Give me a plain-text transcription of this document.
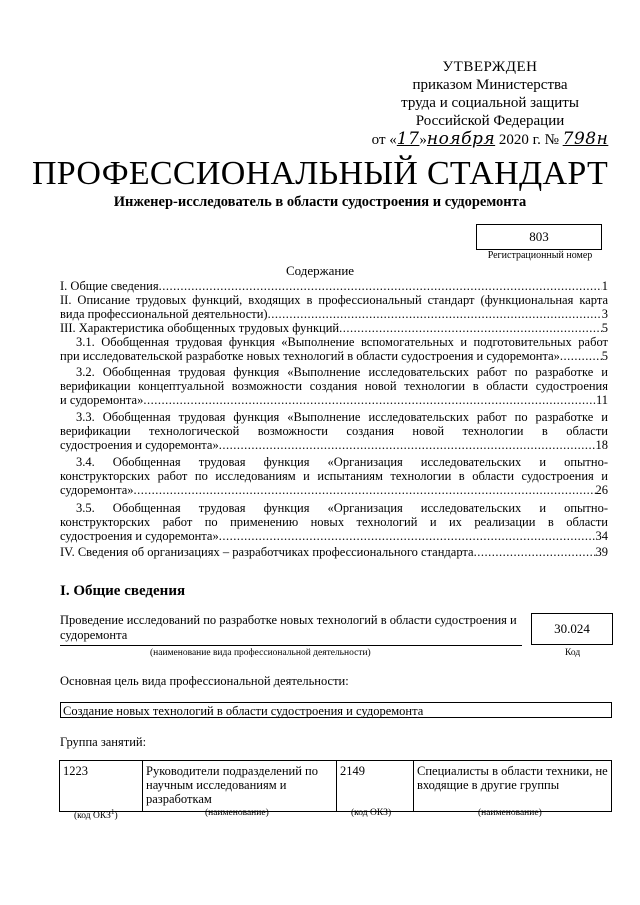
УТВЕРЖДЕН
приказом Министерства
труда и социальной защиты
Российской Федерации
от «17»ноября 2020 г. № 798н
ПРОФЕССИОНАЛЬНЫЙ СТАНДАРТ
Инженер-исследователь в области судостроения и судоремонта
803
Регистрационный номер
Содержание
I. Общие сведения .....	1
II. Описание трудовых функций, входящих в профессиональный стандарт (функциональная карта
вида профессиональной деятельности) .....	3
III. Характеристика обобщенных трудовых функций .....	5
3.1. Обобщенная трудовая функция «Выполнение вспомогательных и подготовительных работ
при исследовательской разработке новых технологий в области судостроения и судоремонта» .....	5
3.2. Обобщенная трудовая функция «Выполнение исследовательских работ по разработке и
верификации концептуальной возможности создания новой технологии в области судостроения
и судоремонта» .....	11
3.3. Обобщенная трудовая функция «Выполнение исследовательских работ по разработке и
верификации технологической возможности создания новой технологии в области
судостроения и судоремонта» .....	18
3.4. Обобщенная трудовая функция «Организация исследовательских и опытно-
конструкторских работ по исследованиям и испытаниям технологии в области судостроения и
судоремонта» .....	26
3.5. Обобщенная трудовая функция «Организация исследовательских и опытно-
конструкторских работ по применению новых технологий и их реализации в области
судостроения и судоремонта» .....	34
IV. Сведения об организациях – разработчиках профессионального стандарта .....	39
I. Общие сведения
Проведение исследований по разработке новых технологий в области судостроения и судоремонта	30.024
(наименование вида профессиональной деятельности)	Код
Основная цель вида профессиональной деятельности:
Создание новых технологий в области судостроения и судоремонта
Группа занятий:
1223	Руководители подразделений по научным исследованиям и разработкам	2149	Специалисты в области техники, не входящие в другие группы
(код ОКЗ$^1$)	(наименование)	(код ОКЗ)	(наименование)
